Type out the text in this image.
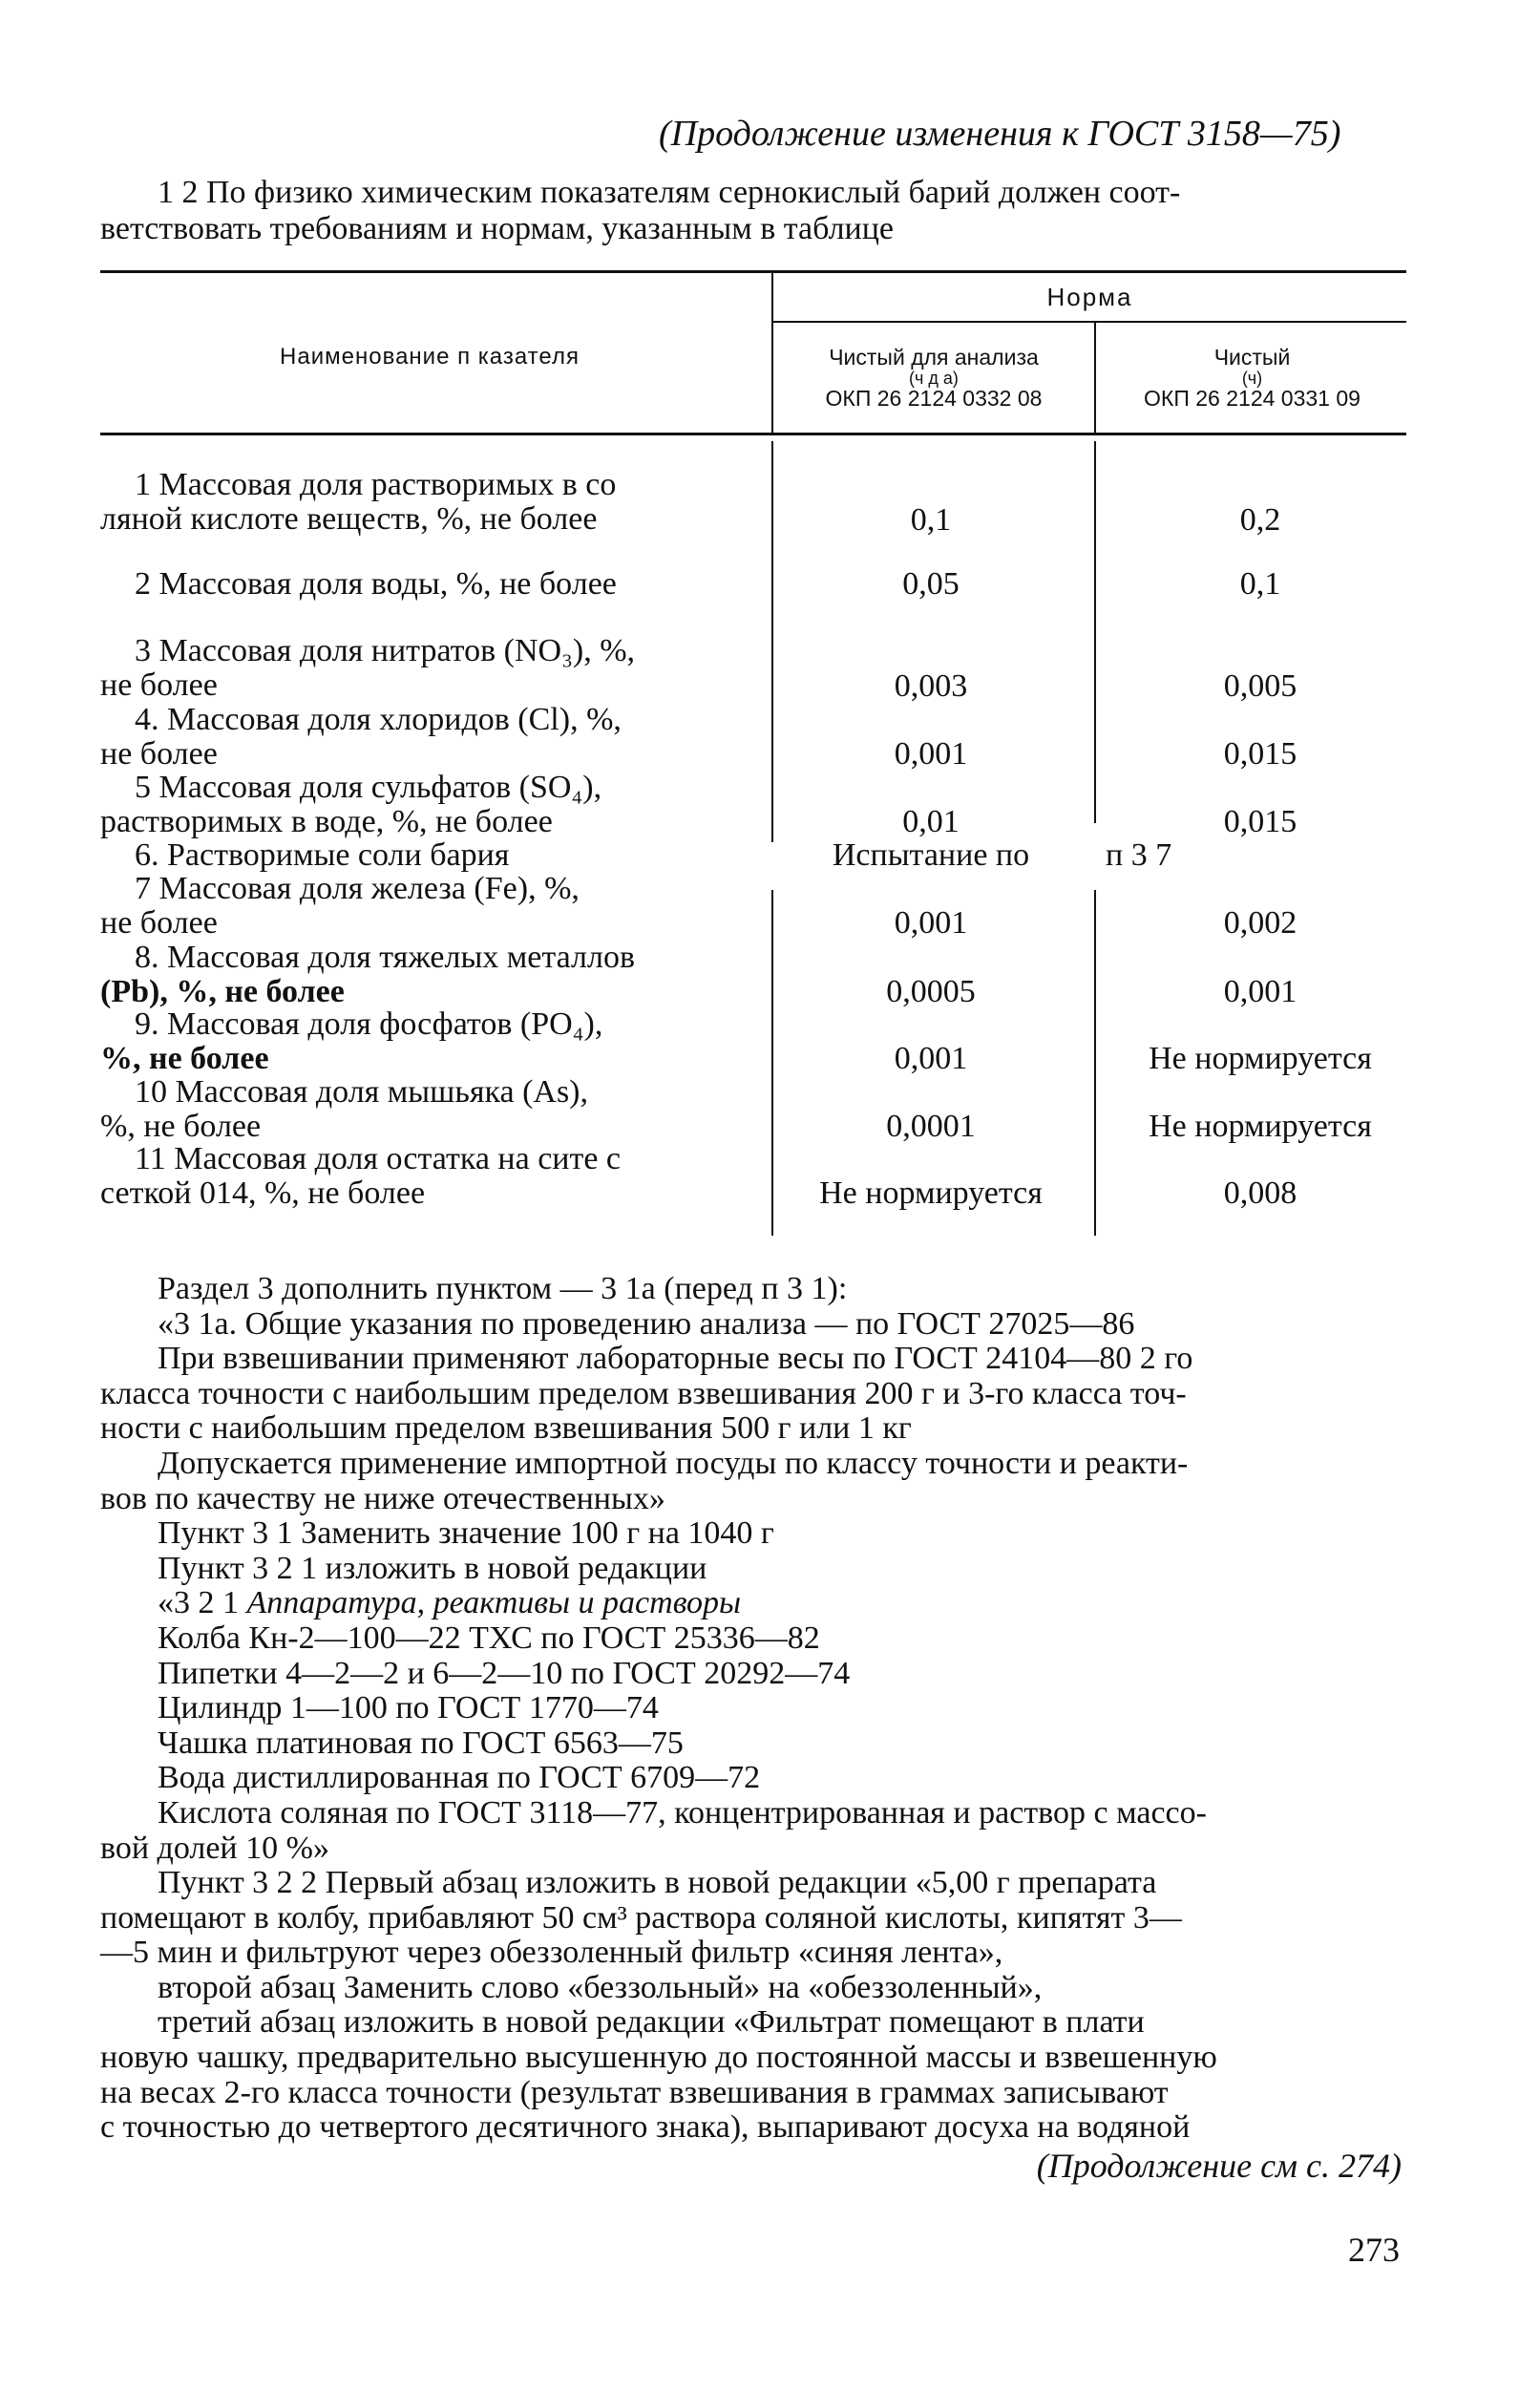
(Продолжение изменения к ГОСТ 3158—75)

1 2 По физико химическим показателям сернокислый барий должен соот-

ветствовать требованиям и нормам, указанным в таблице

Наименование п казателя
Норма
Чистый для анализа
(ч д а)
ОКП 26 2124 0332 08
Чистый
(ч)
ОКП 26 2124 0331 09
1 Массовая доля растворимых в со
ляной кислоте веществ, %, не более	0,1	0,2
2 Массовая доля воды, %, не более	0,05	0,1
3 Массовая доля нитратов (NO₃), %,
не более	0,003	0,005
4. Массовая доля хлоридов (Cl), %,
не более	0,001	0,015
5 Массовая доля сульфатов (SO₄),
растворимых в воде, %, не более	0,01	0,015
6. Растворимые соли бария	Испытание по	п 3 7
7 Массовая доля железа (Fe), %,
не более	0,001	0,002
8. Массовая доля тяжелых металлов
(Pb), %, не более	0,0005	0,001
9. Массовая доля фосфатов (PO₄),
%, не более	0,001	Не нормируется
10 Массовая доля мышьяка (As),
%, не более	0,0001	Не нормируется
11 Массовая доля остатка на сите с
сеткой 014, %, не более	Не нормируется	0,008

Раздел 3 дополнить пунктом — 3 1а (перед п 3 1):

«3 1а. Общие указания по проведению анализа — по ГОСТ 27025—86

При взвешивании применяют лабораторные весы по ГОСТ 24104—80 2 го

класса точности с наибольшим пределом взвешивания 200 г и 3-го класса точ-

ности с наибольшим пределом взвешивания 500 г или 1 кг

Допускается применение импортной посуды по классу точности и реакти-

вов по качеству не ниже отечественных»

Пункт 3 1 Заменить значение 100 г на 1040 г

Пункт 3 2 1 изложить в новой редакции

«3 2 1 Аппаратура, реактивы и растворы

Колба Кн-2—100—22 ТХС по ГОСТ 25336—82

Пипетки 4—2—2 и 6—2—10 по ГОСТ 20292—74

Цилиндр 1—100 по ГОСТ 1770—74

Чашка платиновая по ГОСТ 6563—75

Вода дистиллированная по ГОСТ 6709—72

Кислота соляная по ГОСТ 3118—77, концентрированная и раствор с массо-

вой долей 10 %»

Пункт 3 2 2 Первый абзац изложить в новой редакции «5,00 г препарата

помещают в колбу, прибавляют 50 см³ раствора соляной кислоты, кипятят 3—

—5 мин и фильтруют через обеззоленный фильтр «синяя лента»,

второй абзац Заменить слово «беззольный» на «обеззоленный»,

третий абзац изложить в новой редакции «Фильтрат помещают в плати

новую чашку, предварительно высушенную до постоянной массы и взвешенную

на весах 2-го класса точности (результат взвешивания в граммах записывают

с точностью до четвертого десятичного знака), выпаривают досуха на водяной

(Продолжение см с. 274)
273
